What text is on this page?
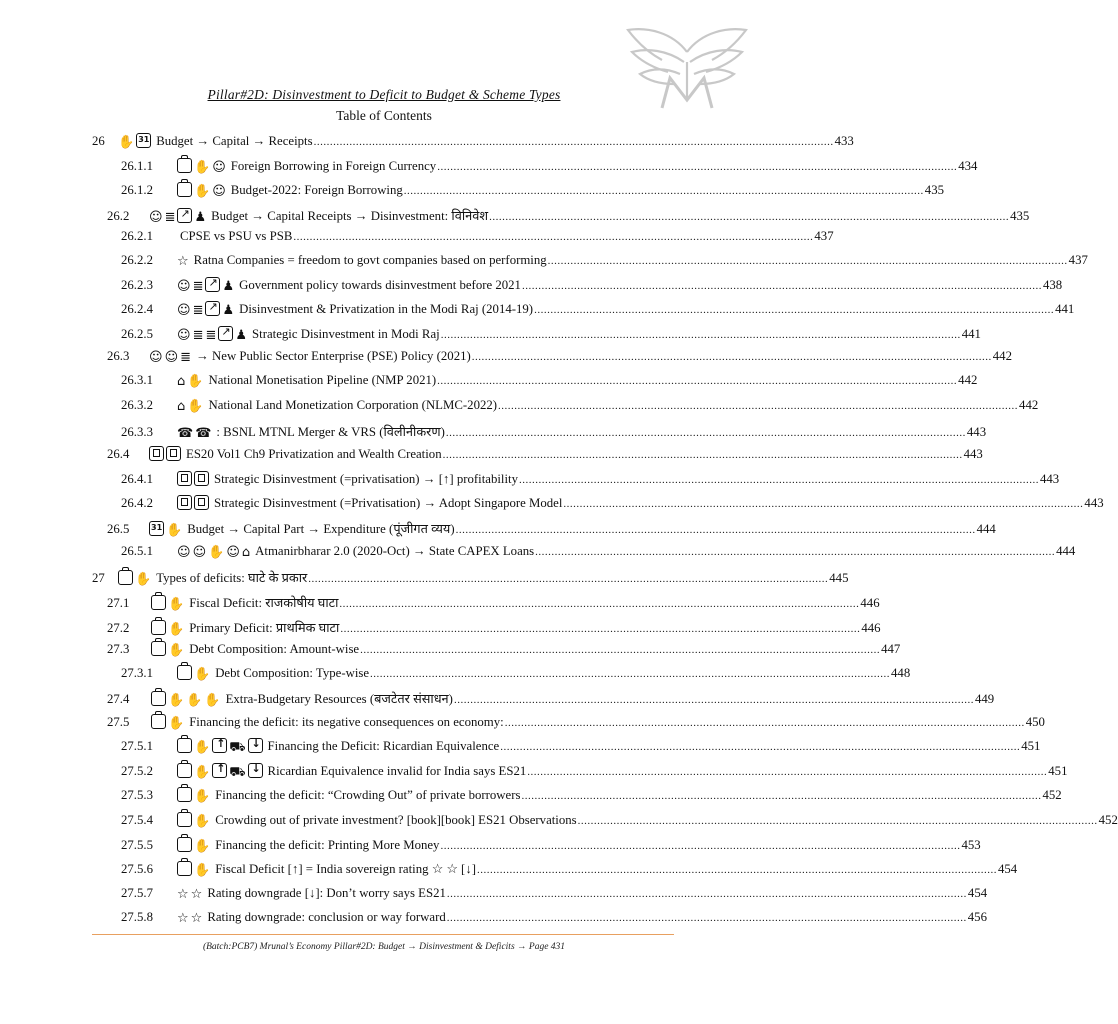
Pillar#2D: Disinvestment to Deficit to Budget & Scheme Types
Table of Contents
26	✋ 31	Budget → Capital → Receipts .....	433
26.1.1	✋ ☺ Foreign Borrowing in Foreign Currency .....	434
26.1.2	✋ ☺ Budget-2022: Foreign Borrowing .....	435
26.2	☺ ≣ ↗ ♟ Budget → Capital Receipts → Disinvestment: विनिवेश .....	435
26.2.1	CPSE vs PSU vs PSB .....	437
26.2.2	☆ Ratna Companies = freedom to govt companies based on performing .....	437
26.2.3	☺ ≣ ↗ ♟ Government policy towards disinvestment before 2021 .....	438
26.2.4	☺ ≣ ↗ ♟ Disinvestment & Privatization in the Modi Raj (2014-19) .....	441
26.2.5	☺ ≣ ≣ ↗ ♟ Strategic Disinvestment in Modi Raj .....	441
26.3	☺ ☺ ≣ → New Public Sector Enterprise (PSE) Policy (2021) .....	442
26.3.1	⌂ ✋ National Monetisation Pipeline (NMP 2021) .....	442
26.3.2	⌂ ✋ National Land Monetization Corporation (NLMC-2022) .....	442
26.3.3	☎ ☎ : BSNL MTNL Merger & VRS (विलीनीकरण) .....	443
26.4	ES20 Vol1 Ch9 Privatization and Wealth Creation .....	443
26.4.1	Strategic Disinvestment (=privatisation) → [↑] profitability .....	443
26.4.2	Strategic Disinvestment (=Privatisation) → Adopt Singapore Model .....	443
26.5 31	✋ Budget → Capital Part → Expenditure (पूंजीगत व्यय) .....	444
26.5.1	☺ ☺ ✋ ☺ ⌂ Atmanirbharar 2.0 (2020-Oct) → State CAPEX Loans .....	444
27	✋ Types of deficits: घाटे के प्रकार .....	445
27.1	✋ Fiscal Deficit: राजकोषीय घाटा .....	446
27.2	✋ Primary Deficit: प्राथमिक घाटा .....	446
27.3	✋ Debt Composition: Amount-wise .....	447
27.3.1	✋ Debt Composition: Type-wise .....	448
27.4	✋ ✋ ✋ Extra-Budgetary Resources (बजटेतर संसाधन) .....	449
27.5	✋ Financing the deficit: its negative consequences on economy: .....	450
27.5.1	✋ ↑ ⛟ ↓	Financing the Deficit: Ricardian Equivalence .....	451
27.5.2	✋ ↑ ⛟ ↓	Ricardian Equivalence invalid for India says ES21 .....	451
27.5.3	✋ Financing the deficit: “Crowding Out” of private borrowers .....	452
27.5.4	✋ Crowding out of private investment? [book][book] ES21 Observations .....	452
27.5.5	✋ Financing the deficit: Printing More Money .....	453
27.5.6	✋ Fiscal Deficit [↑] = India sovereign rating ☆ ☆ [↓] .....	454
27.5.7	☆ ☆ Rating downgrade [↓]: Don’t worry says ES21 .....	454
27.5.8	☆ ☆ Rating downgrade: conclusion or way forward .....	456
(Batch:PCB7) Mrunal’s Economy Pillar#2D: Budget → Disinvestment & Deficits → Page 431
